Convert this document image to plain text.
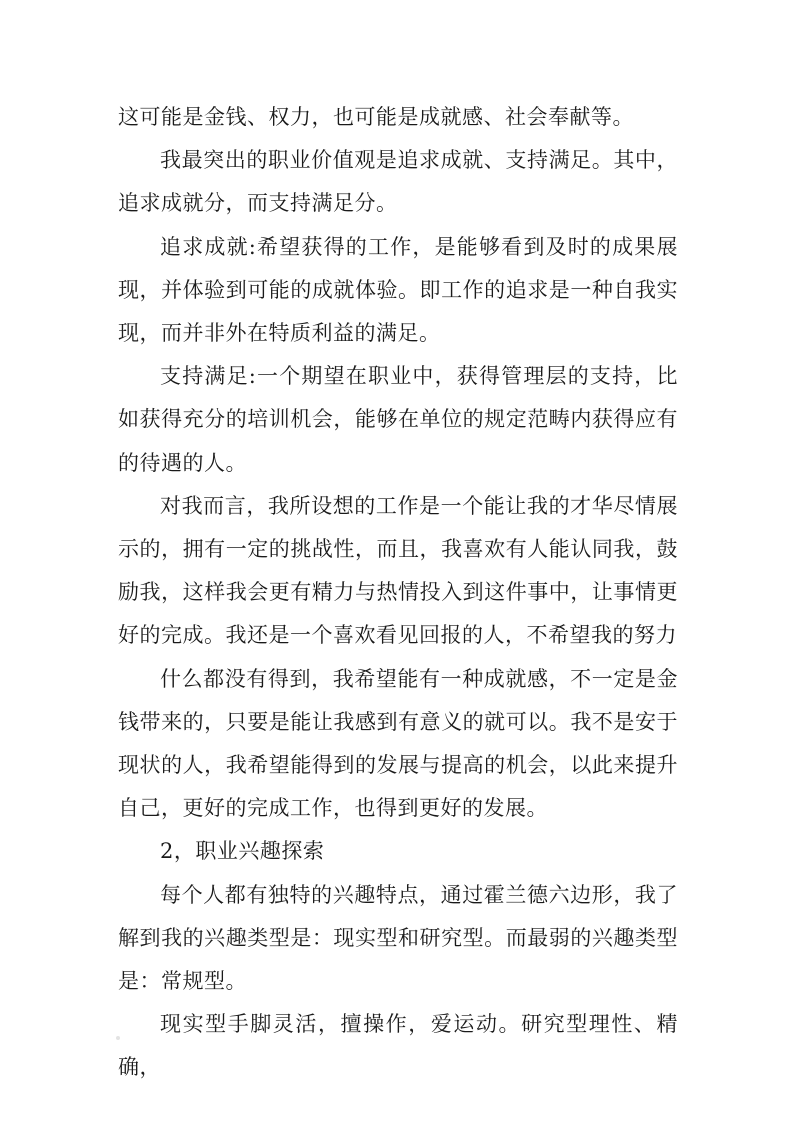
这可能是金钱、权力，也可能是成就感、社会奉献等。

我最突出的职业价值观是追求成就、支持满足。其中，追求成就分，而支持满足分。

追求成就:希望获得的工作，是能够看到及时的成果展现，并体验到可能的成就体验。即工作的追求是一种自我实现，而并非外在特质利益的满足。

支持满足:一个期望在职业中，获得管理层的支持，比如获得充分的培训机会，能够在单位的规定范畴内获得应有的待遇的人。

对我而言，我所设想的工作是一个能让我的才华尽情展示的，拥有一定的挑战性，而且，我喜欢有人能认同我，鼓励我，这样我会更有精力与热情投入到这件事中，让事情更好的完成。我还是一个喜欢看见回报的人，不希望我的努力

什么都没有得到，我希望能有一种成就感，不一定是金钱带来的，只要是能让我感到有意义的就可以。我不是安于现状的人，我希望能得到的发展与提高的机会，以此来提升自己，更好的完成工作，也得到更好的发展。

2，职业兴趣探索

每个人都有独特的兴趣特点，通过霍兰德六边形，我了解到我的兴趣类型是：现实型和研究型。而最弱的兴趣类型是：常规型。

现实型手脚灵活，擅操作，爱运动。研究型理性、精确，
